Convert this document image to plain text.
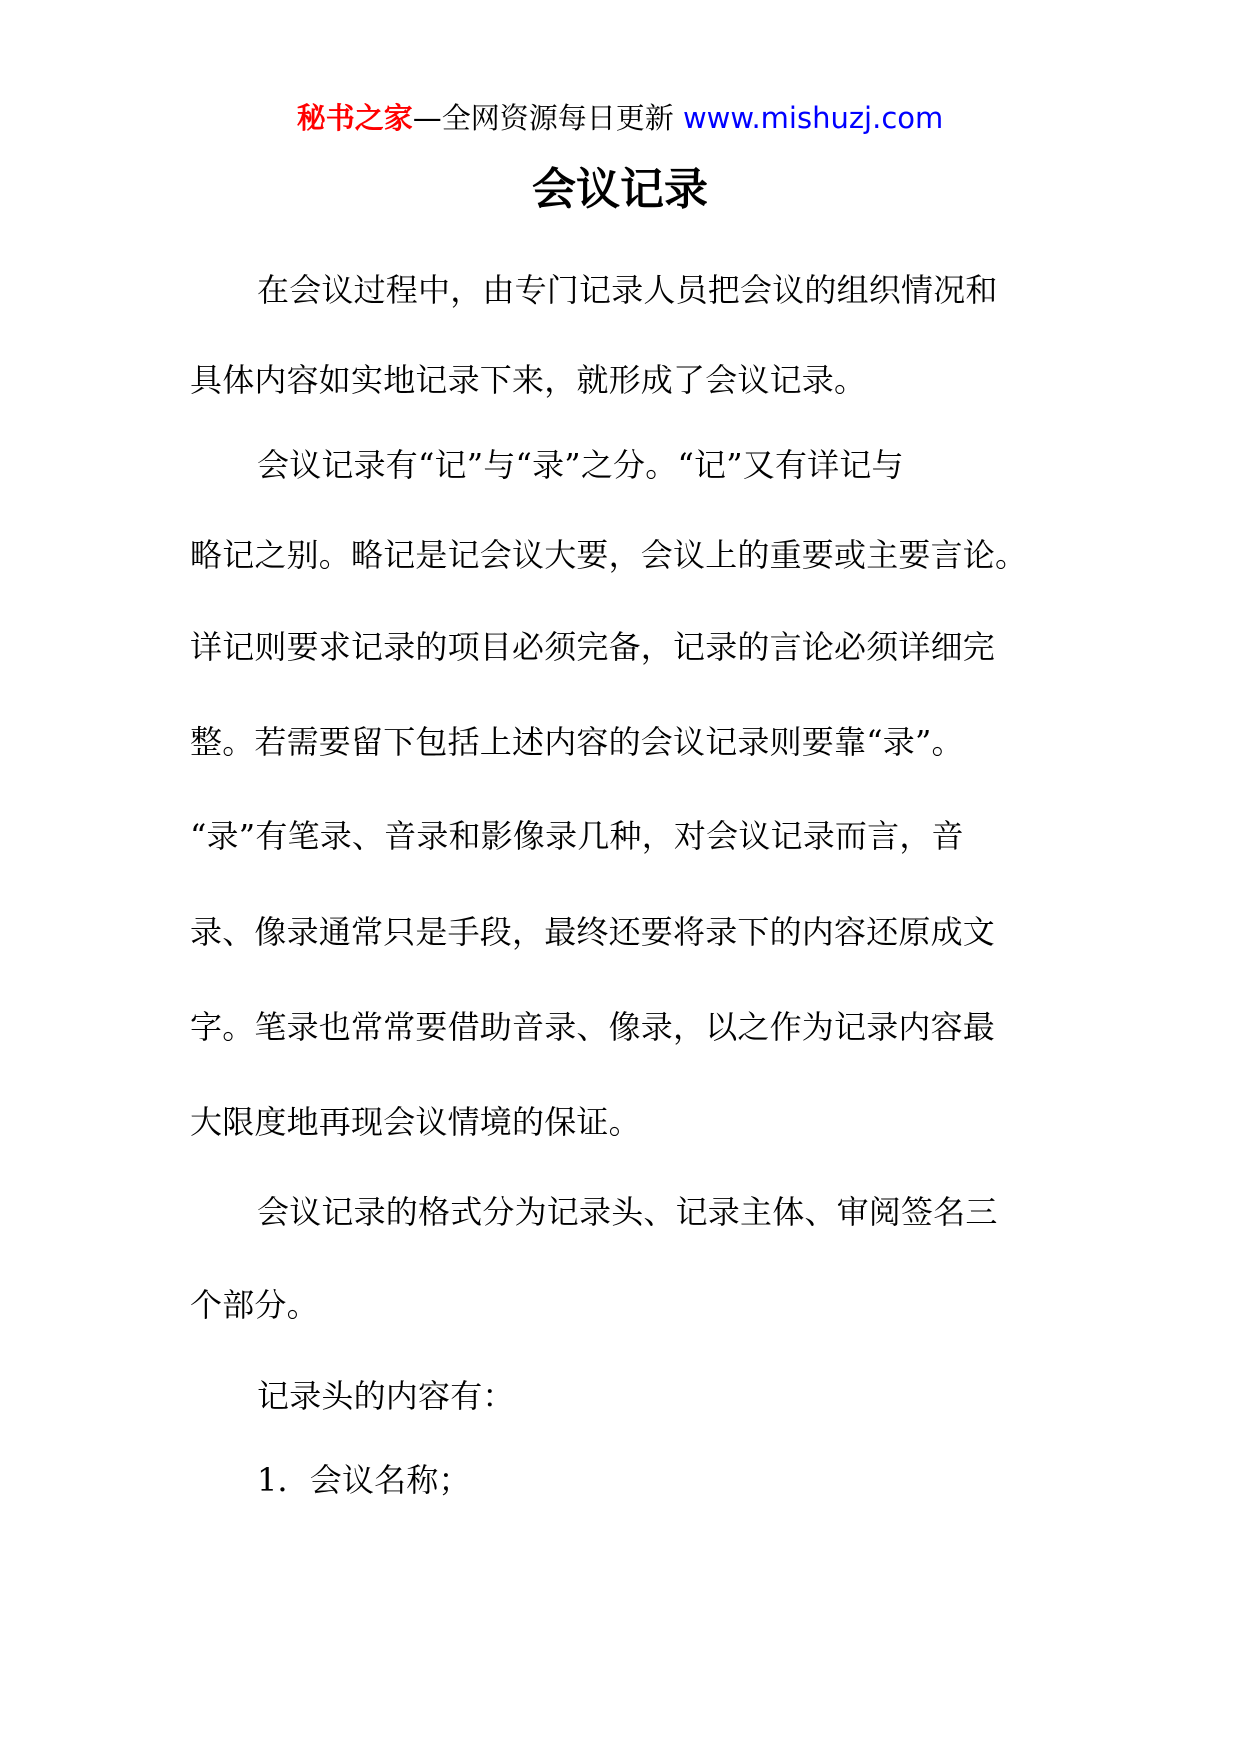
秘书之家—全网资源每日更新 www.mishuzj.com
会议记录
在会议过程中，由专门记录人员把会议的组织情况和
具体内容如实地记录下来，就形成了会议记录。
会议记录有“记”与“录”之分。“记”又有详记与
略记之别。略记是记会议大要，会议上的重要或主要言论。
详记则要求记录的项目必须完备，记录的言论必须详细完
整。若需要留下包括上述内容的会议记录则要靠“录”。
“录”有笔录、音录和影像录几种，对会议记录而言，音
录、像录通常只是手段，最终还要将录下的内容还原成文
字。笔录也常常要借助音录、像录，以之作为记录内容最
大限度地再现会议情境的保证。
会议记录的格式分为记录头、记录主体、审阅签名三
个部分。
记录头的内容有：
1．会议名称；
